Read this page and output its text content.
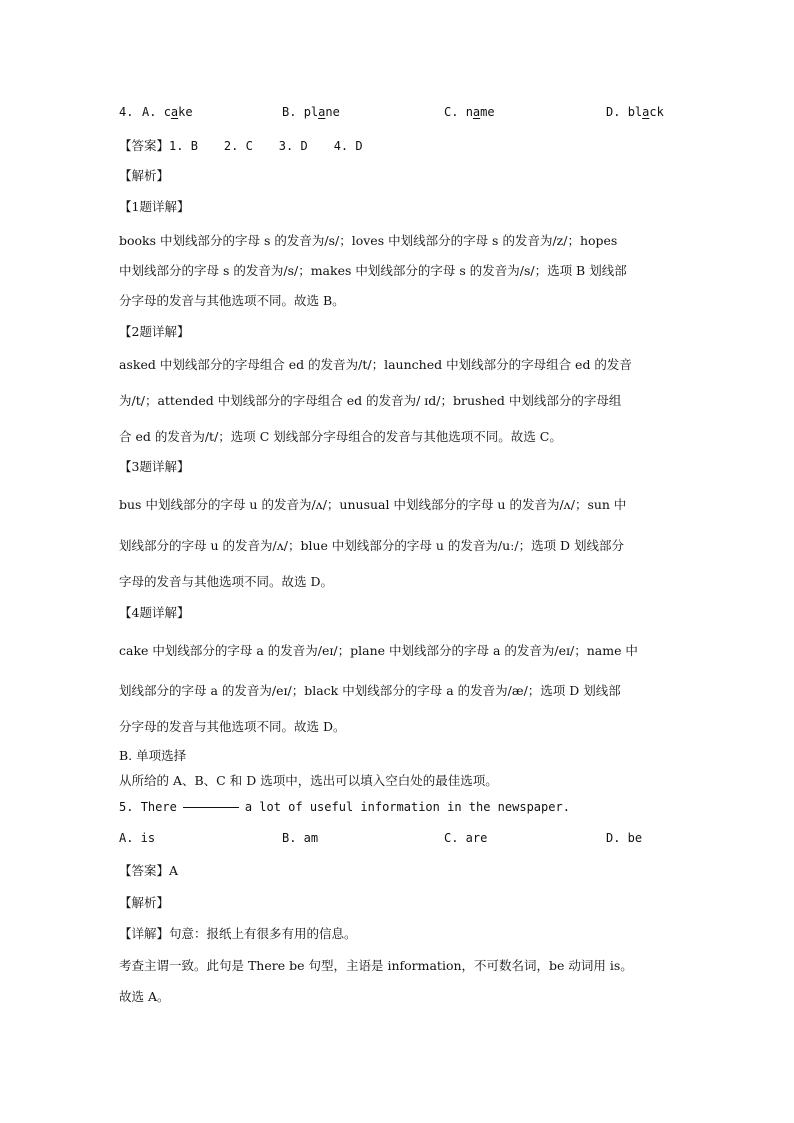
4. A. cake	B. plane	C. name	D. black
【答案】1. B 2. C 3. D 4. D
【解析】
【1题详解】
books 中划线部分的字母 s 的发音为/s/；loves 中划线部分的字母 s 的发音为/z/；hopes
中划线部分的字母 s 的发音为/s/；makes 中划线部分的字母 s 的发音为/s/；选项 B 划线部
分字母的发音与其他选项不同。故选 B。
【2题详解】
asked 中划线部分的字母组合 ed 的发音为/t/；launched 中划线部分的字母组合 ed 的发音
为/t/；attended 中划线部分的字母组合 ed 的发音为/ ɪd/；brushed 中划线部分的字母组
合 ed 的发音为/t/；选项 C 划线部分字母组合的发音与其他选项不同。故选 C。
【3题详解】
bus 中划线部分的字母 u 的发音为/ʌ/；unusual 中划线部分的字母 u 的发音为/ʌ/；sun 中
划线部分的字母 u 的发音为/ʌ/；blue 中划线部分的字母 u 的发音为/uː/；选项 D 划线部分
字母的发音与其他选项不同。故选 D。
【4题详解】
cake 中划线部分的字母 a 的发音为/eɪ/；plane 中划线部分的字母 a 的发音为/eɪ/；name 中
划线部分的字母 a 的发音为/eɪ/；black 中划线部分的字母 a 的发音为/æ/；选项 D 划线部
分字母的发音与其他选项不同。故选 D。
B. 单项选择
从所给的 A、B、C 和 D 选项中，选出可以填入空白处的最佳选项。
5. There	a lot of useful information in the newspaper.
A. is	B. am	C. are	D. be
【答案】A
【解析】
【详解】句意：报纸上有很多有用的信息。
考查主谓一致。此句是 There be 句型，主语是 information，不可数名词，be 动词用 is。
故选 A。
